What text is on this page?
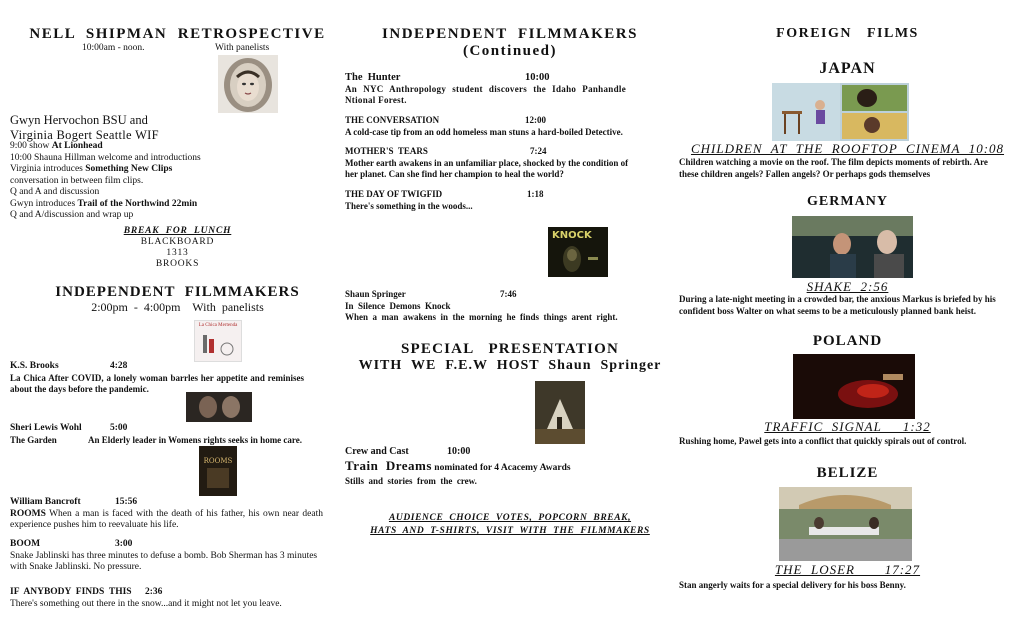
NELL  SHIPMAN  RETROSPECTIVE
10:00am - noon.	With panelists
Gwyn Hervochon BSU and
Virginia Bogert Seattle WIF
9:00 show At Lionhead
10:00 Shauna Hillman welcome and introductions
Virginia introduces Something New Clips
conversation in between film clips.
Q and A and discussion
Gwyn introduces Trail of the Northwind 22min
Q and A/discussion and wrap up
BREAK  FOR  LUNCH
BLACKBOARD
1313
BROOKS
INDEPENDENT  FILMMAKERS
2:00pm  -  4:00pm    With  panelists
La Chica Mertenda
K.S. Brooks	4:28
La Chica After COVID, a lonely woman barrles her appetite and reminises about the days before the pandemic.
Sheri Lewis Wohl	5:00
The Garden	An Elderly leader in Womens rights seeks in home care.
ROOMS
William Bancroft	15:56
ROOMS When a man is faced with the death of his father, his own near death experience pushes him to reevaluate his life.
BOOM	3:00
Snake Jablinski has three minutes to defuse a bomb. Bob Sherman has 3 minutes with Snake Jablinski. No pressure.
IF  ANYBODY  FINDS  THIS 2:36
There's something out there in the snow...and it might not let you leave.
INDEPENDENT  FILMMAKERS
(Continued)
The  Hunter	10:00
An NYC Anthropology student discovers the Idaho Panhandle Ntional Forest.
THE CONVERSATION	12:00
A cold-case tip from an odd homeless man stuns a hard-boiled Detective.
MOTHER'S  TEARS	7:24
Mother earth awakens in an unfamiliar place, shocked by the condition of her planet. Can she find her champion to heal the world?
THE DAY OF TWIGFID	1:18
There's something in the woods...
KNOCK
Shaun Springer	7:46
In  Silence  Demons  Knock
When  a  man  awakens  in  the  morning  he  finds  things  arent  right.
SPECIAL   PRESENTATION
WITH  WE  F.E.W  HOST  Shaun  Springer
Crew and Cast	10:00
Train  Dreams nominated for 4 Acacemy Awards
Stills  and  stories  from  the  crew.
AUDIENCE  CHOICE  VOTES,  POPCORN  BREAK,
HATS  AND  T-SHIRTS,  VISIT  WITH  THE  FILMMAKERS
FOREIGN   FILMS
JAPAN
CHILDREN  AT  THE  ROOFTOP  CINEMA  10:08
Children watching a movie on the roof. The film depicts moments of rebirth. Are these children angels? Fallen angels? Or perhaps gods themselves
GERMANY
SHAKE  2:56
During a late-night meeting in a crowded bar, the anxious Markus is briefed by his confident boss Walter on what seems to be a meticulously planned bank heist.
POLAND
TRAFFIC  SIGNAL     1:32
Rushing home, Pawel gets into a conflict that quickly spirals out of control.
BELIZE
THE  LOSER       17:27
Stan angerly waits for a special delivery for his boss Benny.
